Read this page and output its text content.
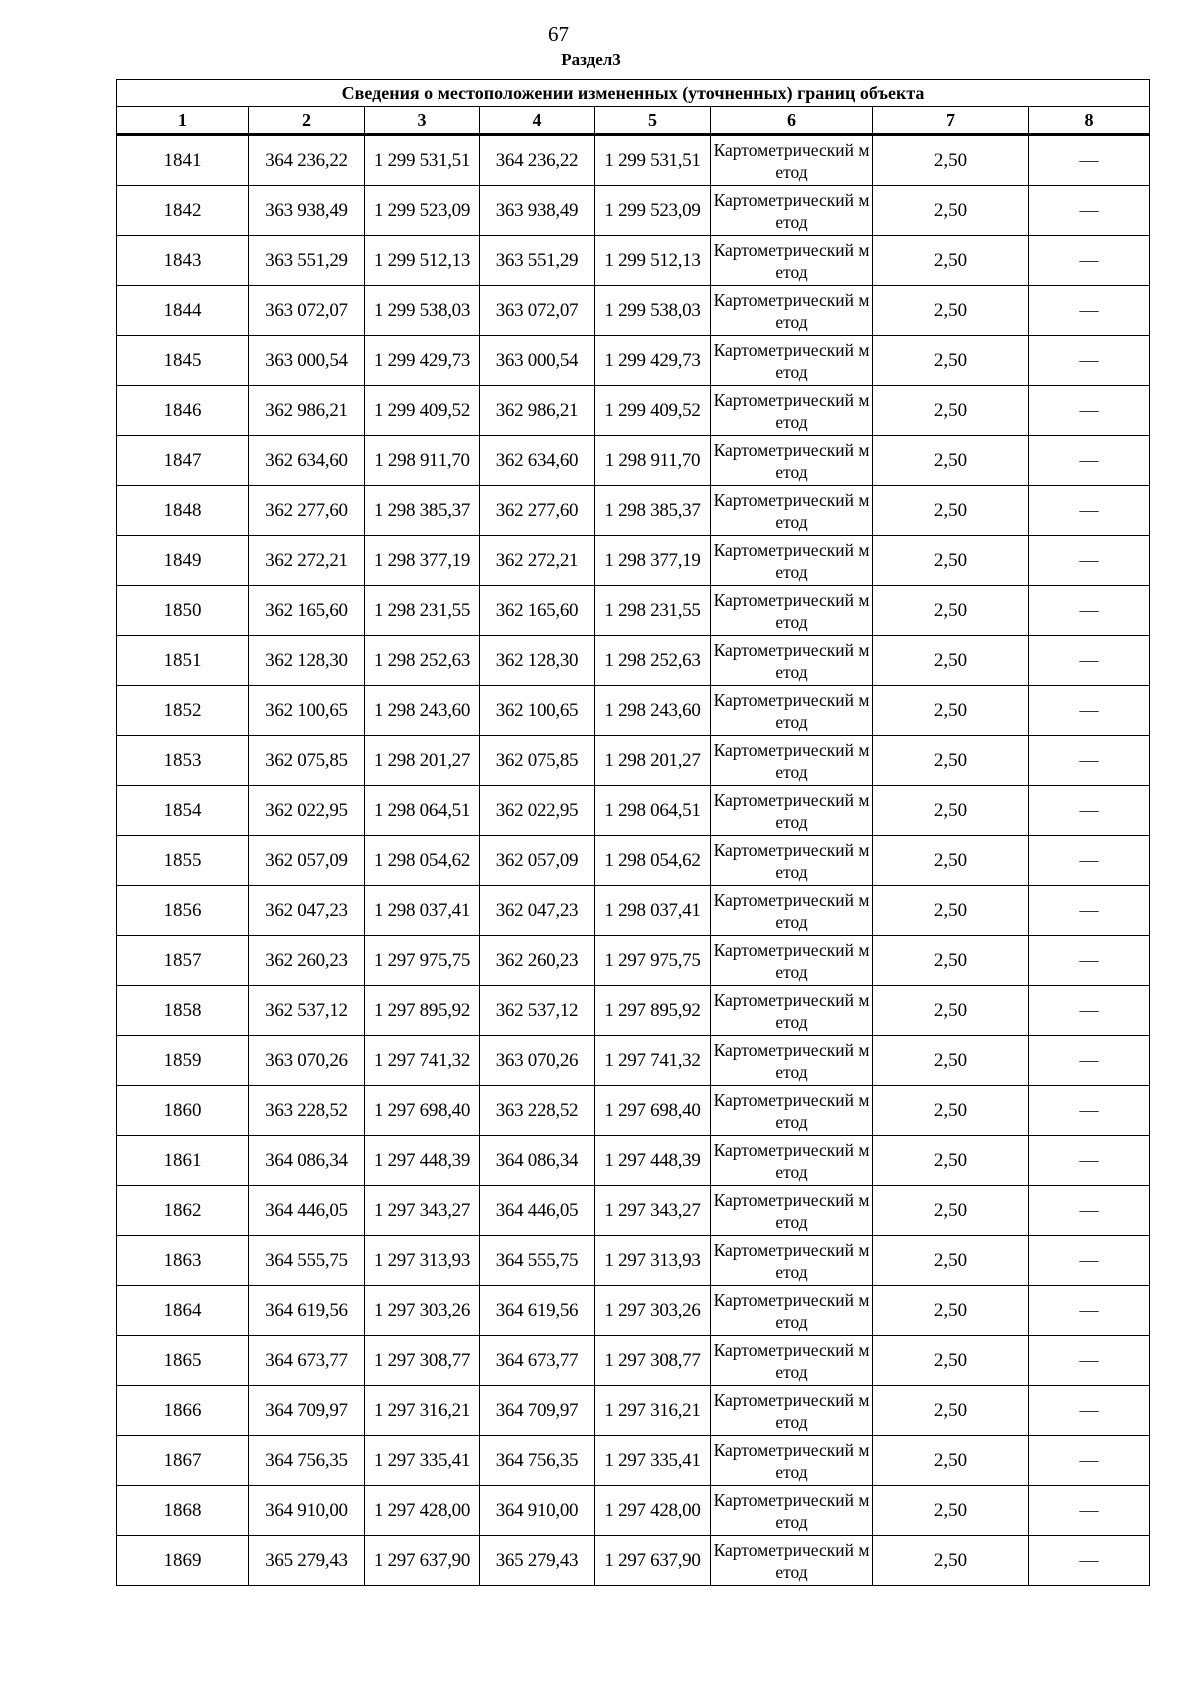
67
Раздел3
Сведения о местоположении измененных (уточненных) границ объекта							
1	2	3	4	5	6	7	8
1841	364 236,22	1 299 531,51	364 236,22	1 299 531,51	Картометрический метод	2,50	—
1842	363 938,49	1 299 523,09	363 938,49	1 299 523,09	Картометрический метод	2,50	—
1843	363 551,29	1 299 512,13	363 551,29	1 299 512,13	Картометрический метод	2,50	—
1844	363 072,07	1 299 538,03	363 072,07	1 299 538,03	Картометрический метод	2,50	—
1845	363 000,54	1 299 429,73	363 000,54	1 299 429,73	Картометрический метод	2,50	—
1846	362 986,21	1 299 409,52	362 986,21	1 299 409,52	Картометрический метод	2,50	—
1847	362 634,60	1 298 911,70	362 634,60	1 298 911,70	Картометрический метод	2,50	—
1848	362 277,60	1 298 385,37	362 277,60	1 298 385,37	Картометрический метод	2,50	—
1849	362 272,21	1 298 377,19	362 272,21	1 298 377,19	Картометрический метод	2,50	—
1850	362 165,60	1 298 231,55	362 165,60	1 298 231,55	Картометрический метод	2,50	—
1851	362 128,30	1 298 252,63	362 128,30	1 298 252,63	Картометрический метод	2,50	—
1852	362 100,65	1 298 243,60	362 100,65	1 298 243,60	Картометрический метод	2,50	—
1853	362 075,85	1 298 201,27	362 075,85	1 298 201,27	Картометрический метод	2,50	—
1854	362 022,95	1 298 064,51	362 022,95	1 298 064,51	Картометрический метод	2,50	—
1855	362 057,09	1 298 054,62	362 057,09	1 298 054,62	Картометрический метод	2,50	—
1856	362 047,23	1 298 037,41	362 047,23	1 298 037,41	Картометрический метод	2,50	—
1857	362 260,23	1 297 975,75	362 260,23	1 297 975,75	Картометрический метод	2,50	—
1858	362 537,12	1 297 895,92	362 537,12	1 297 895,92	Картометрический метод	2,50	—
1859	363 070,26	1 297 741,32	363 070,26	1 297 741,32	Картометрический метод	2,50	—
1860	363 228,52	1 297 698,40	363 228,52	1 297 698,40	Картометрический метод	2,50	—
1861	364 086,34	1 297 448,39	364 086,34	1 297 448,39	Картометрический метод	2,50	—
1862	364 446,05	1 297 343,27	364 446,05	1 297 343,27	Картометрический метод	2,50	—
1863	364 555,75	1 297 313,93	364 555,75	1 297 313,93	Картометрический метод	2,50	—
1864	364 619,56	1 297 303,26	364 619,56	1 297 303,26	Картометрический метод	2,50	—
1865	364 673,77	1 297 308,77	364 673,77	1 297 308,77	Картометрический метод	2,50	—
1866	364 709,97	1 297 316,21	364 709,97	1 297 316,21	Картометрический метод	2,50	—
1867	364 756,35	1 297 335,41	364 756,35	1 297 335,41	Картометрический метод	2,50	—
1868	364 910,00	1 297 428,00	364 910,00	1 297 428,00	Картометрический метод	2,50	—
1869	365 279,43	1 297 637,90	365 279,43	1 297 637,90	Картометрический метод	2,50	—
